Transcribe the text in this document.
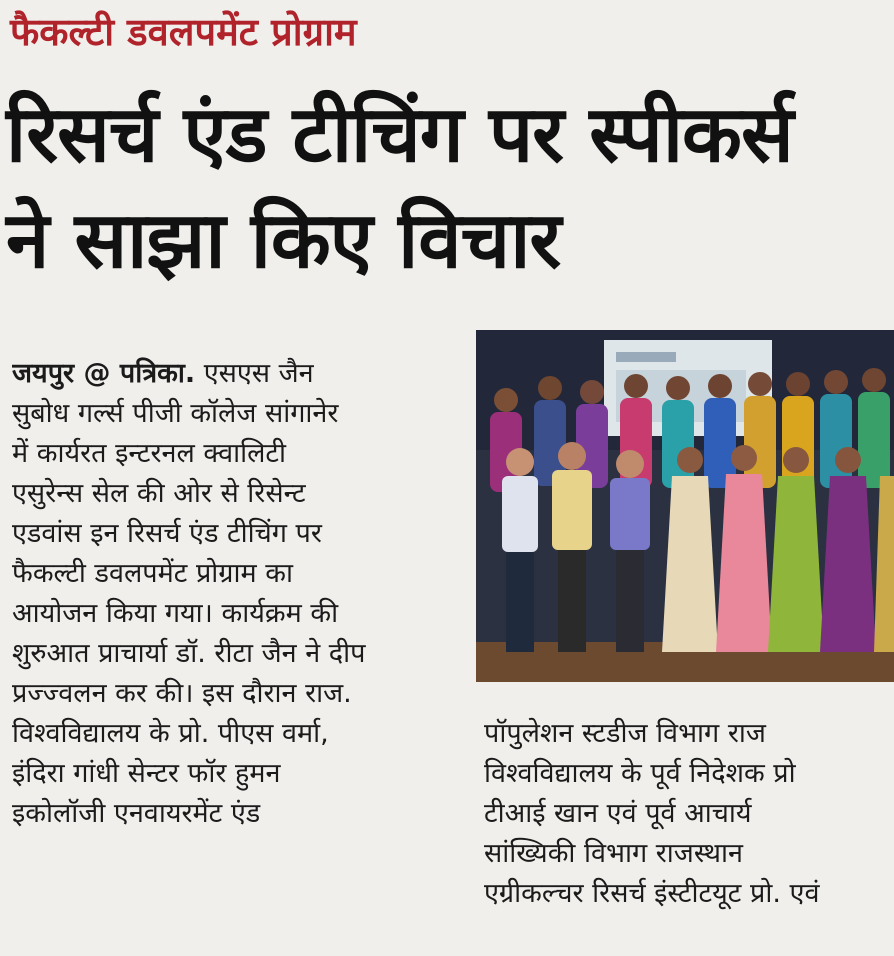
फैकल्टी डवलपमेंट प्रोग्राम
रिसर्च एंड टीचिंग पर स्पीकर्स
ने साझा किए विचार
जयपुर @ पत्रिका. एसएस जैन
सुबोध गर्ल्स पीजी कॉलेज सांगानेर
में कार्यरत इन्टरनल क्वालिटी
एसुरेन्स सेल की ओर से रिसेन्ट
एडवांस इन रिसर्च एंड टीचिंग पर
फैकल्टी डवलपमेंट प्रोग्राम का
आयोजन किया गया। कार्यक्रम की
शुरुआत प्राचार्या डॉ. रीटा जैन ने दीप
प्रज्ज्वलन कर की। इस दौरान राज.
विश्वविद्यालय के प्रो. पीएस वर्मा,
इंदिरा गांधी सेन्टर फॉर हुमन
इकोलॉजी एनवायरमेंट एंड
पॉपुलेशन स्टडीज विभाग राज
विश्वविद्यालय के पूर्व निदेशक प्रो
टीआई खान एवं पूर्व आचार्य
सांख्यिकी विभाग राजस्थान
एग्रीकल्चर रिसर्च इंस्टीटयूट प्रो. एवं
